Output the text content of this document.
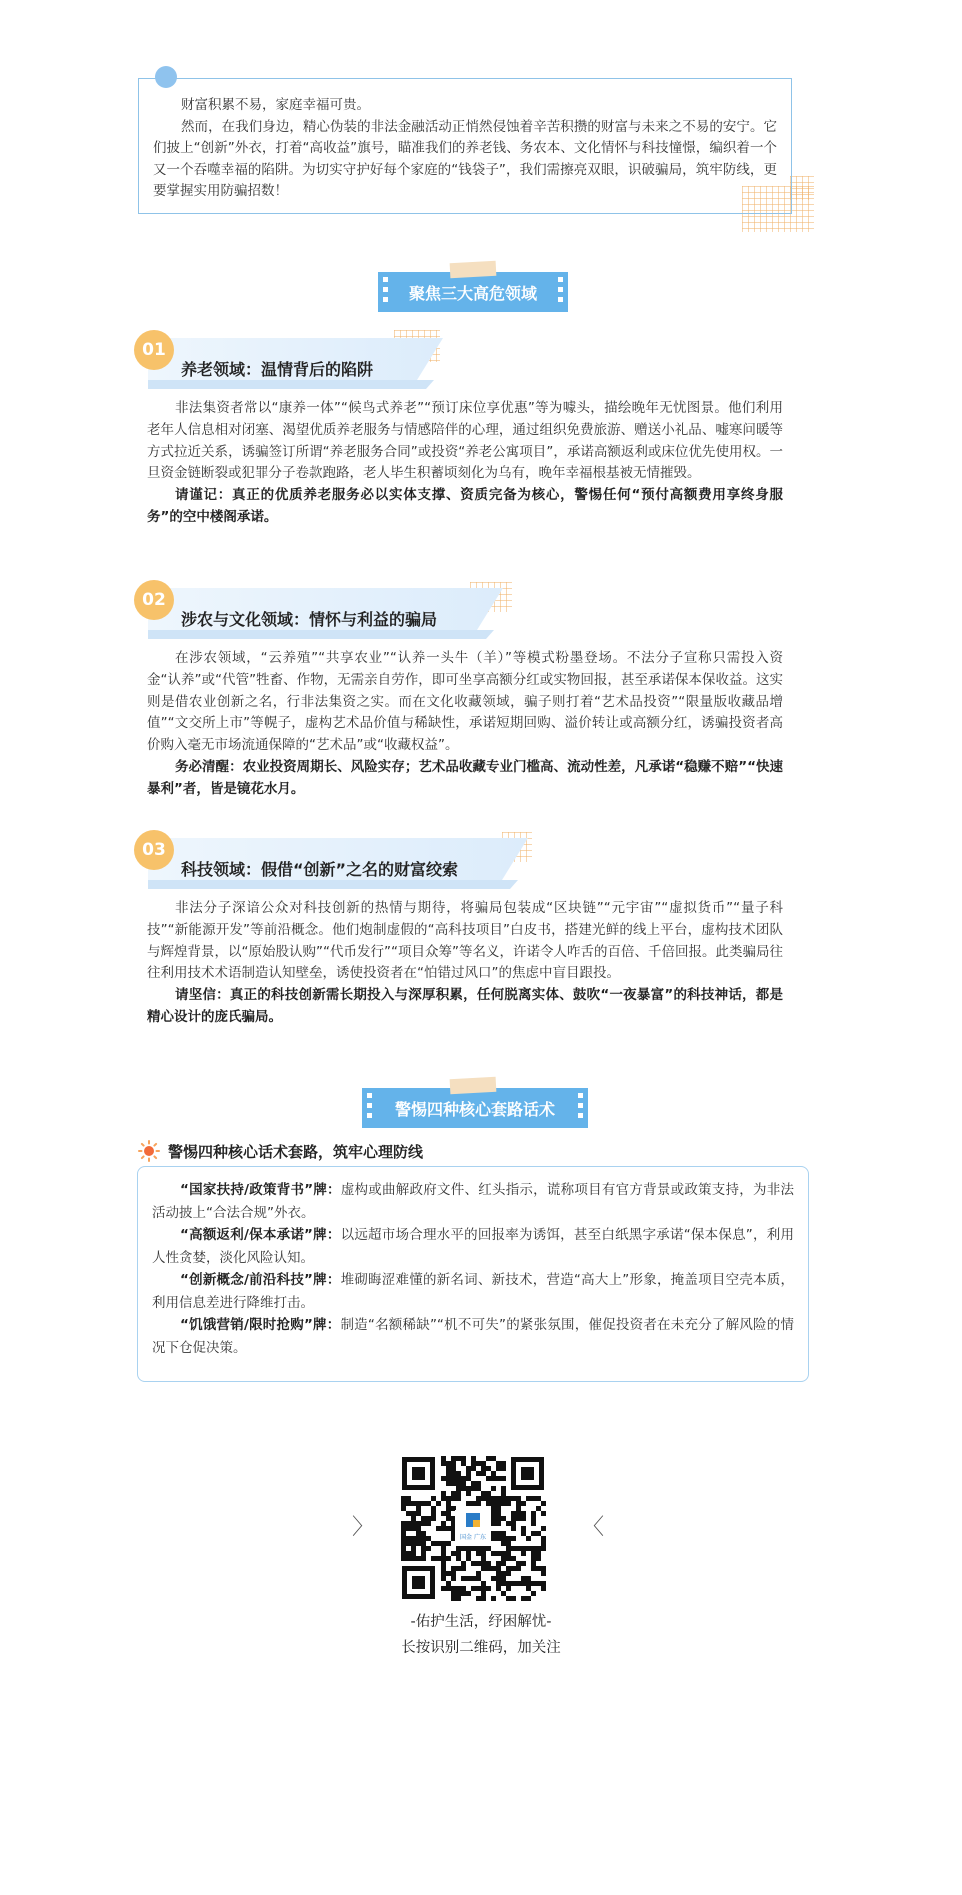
财富积累不易，家庭幸福可贵。

然而，在我们身边，精心伪装的非法金融活动正悄然侵蚀着辛苦积攒的财富与未来之不易的安宁。它们披上“创新”外衣，打着“高收益”旗号，瞄准我们的养老钱、务农本、文化情怀与科技憧憬，编织着一个又一个吞噬幸福的陷阱。为切实守护好每个家庭的“钱袋子”，我们需擦亮双眼，识破骗局，筑牢防线，更要掌握实用防骗招数！

聚焦三大高危领域
01
养老领域：温情背后的陷阱

非法集资者常以“康养一体”“候鸟式养老”“预订床位享优惠”等为噱头，描绘晚年无忧图景。他们利用老年人信息相对闭塞、渴望优质养老服务与情感陪伴的心理，通过组织免费旅游、赠送小礼品、嘘寒问暖等方式拉近关系，诱骗签订所谓“养老服务合同”或投资“养老公寓项目”，承诺高额返利或床位优先使用权。一旦资金链断裂或犯罪分子卷款跑路，老人毕生积蓄顷刻化为乌有，晚年幸福根基被无情摧毁。

请谨记：真正的优质养老服务必以实体支撑、资质完备为核心，警惕任何“预付高额费用享终身服务”的空中楼阁承诺。

02
涉农与文化领域：情怀与利益的骗局

在涉农领域，“云养殖”“共享农业”“认养一头牛（羊）”等模式粉墨登场。不法分子宣称只需投入资金“认养”或“代管”牲畜、作物，无需亲自劳作，即可坐享高额分红或实物回报，甚至承诺保本保收益。这实则是借农业创新之名，行非法集资之实。而在文化收藏领域，骗子则打着“艺术品投资”“限量版收藏品增值”“文交所上市”等幌子，虚构艺术品价值与稀缺性，承诺短期回购、溢价转让或高额分红，诱骗投资者高价购入毫无市场流通保障的“艺术品”或“收藏权益”。

务必清醒：农业投资周期长、风险实存；艺术品收藏专业门槛高、流动性差，凡承诺“稳赚不赔”“快速暴利”者，皆是镜花水月。

03
科技领域：假借“创新”之名的财富绞索

非法分子深谙公众对科技创新的热情与期待，将骗局包装成“区块链”“元宇宙”“虚拟货币”“量子科技”“新能源开发”等前沿概念。他们炮制虚假的“高科技项目”白皮书，搭建光鲜的线上平台，虚构技术团队与辉煌背景，以“原始股认购”“代币发行”“项目众筹”等名义，许诺令人咋舌的百倍、千倍回报。此类骗局往往利用技术术语制造认知壁垒，诱使投资者在“怕错过风口”的焦虑中盲目跟投。

请坚信：真正的科技创新需长期投入与深厚积累，任何脱离实体、鼓吹“一夜暴富”的科技神话，都是精心设计的庞氏骗局。

警惕四种核心套路话术
警惕四种核心话术套路，筑牢心理防线

“国家扶持/政策背书”牌：虚构或曲解政府文件、红头指示，谎称项目有官方背景或政策支持，为非法活动披上“合法合规”外衣。

“高额返利/保本承诺”牌：以远超市场合理水平的回报率为诱饵，甚至白纸黑字承诺“保本保息”，利用人性贪婪，淡化风险认知。

“创新概念/前沿科技”牌：堆砌晦涩难懂的新名词、新技术，营造“高大上”形象，掩盖项目空壳本质，利用信息差进行降维打击。

“饥饿营销/限时抢购”牌：制造“名额稀缺”“机不可失”的紧张氛围，催促投资者在未充分了解风险的情况下仓促决策。

〉	〈
国金 广东
-佑护生活，纾困解忧-
长按识别二维码，加关注
